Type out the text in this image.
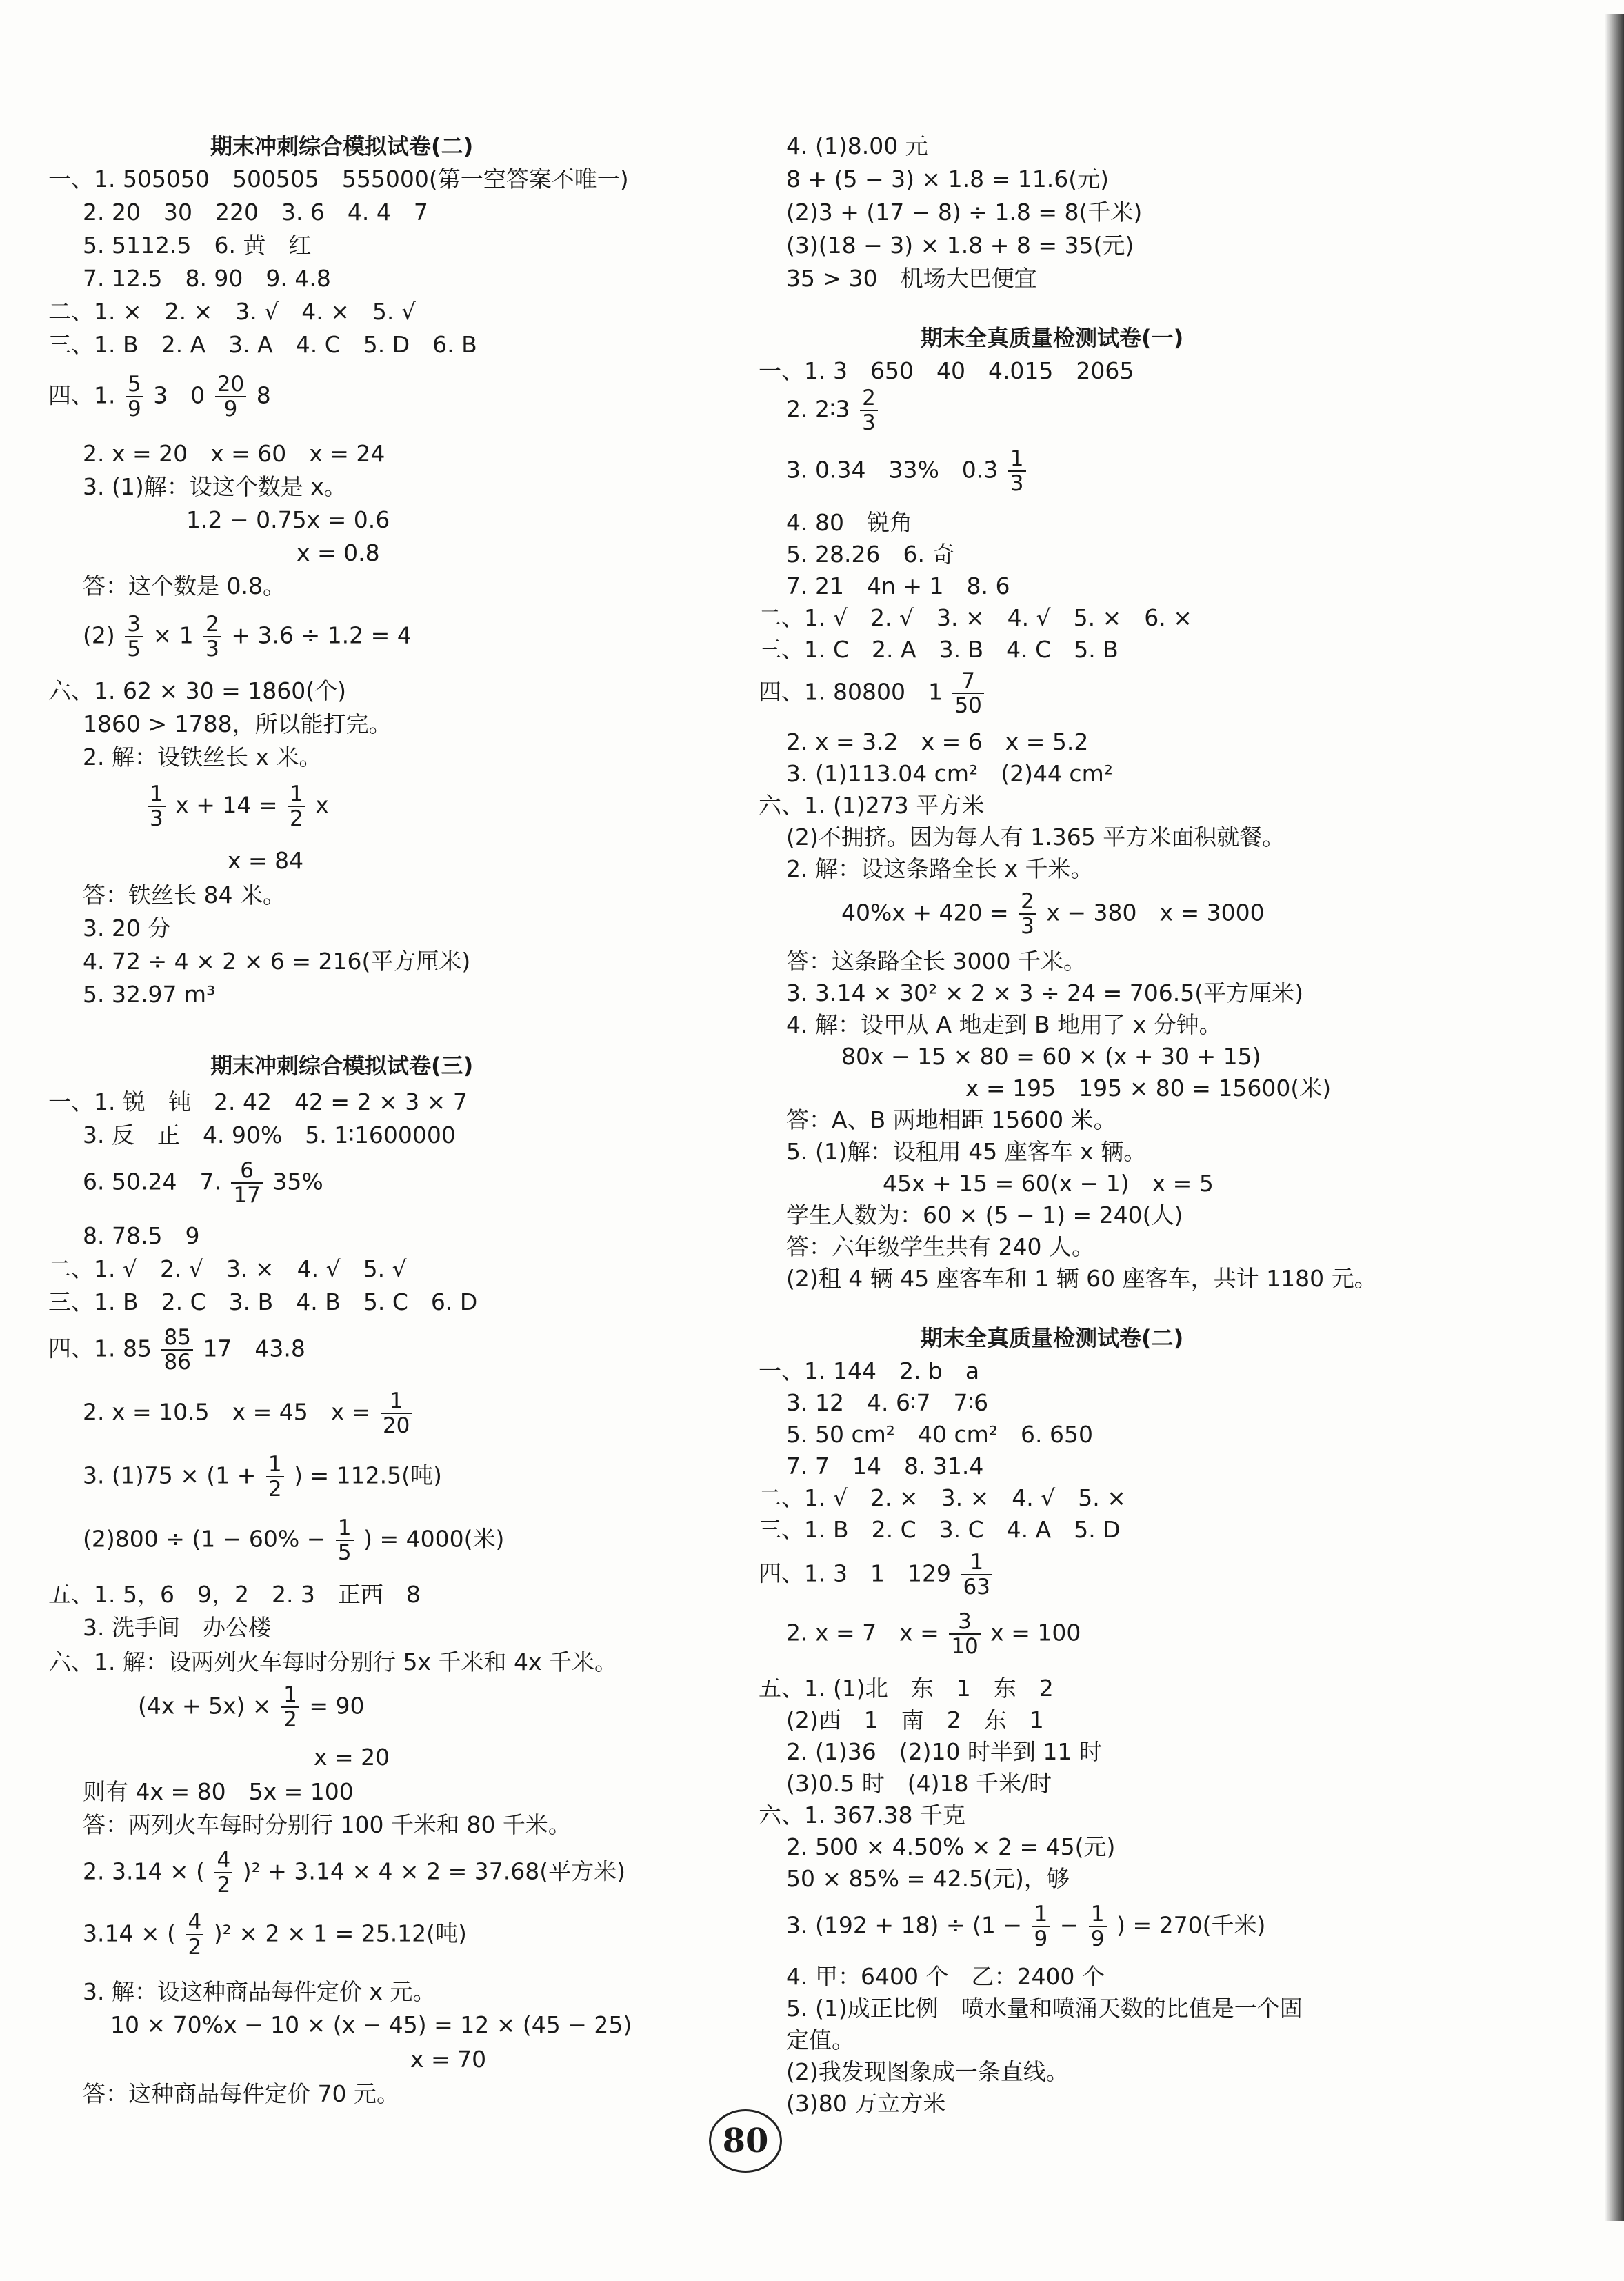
期末冲刺综合模拟试卷(二)
一、1. 505050　500505　555000(第一空答案不唯一)
2. 20　30　220　3. 6　4. 4　7
5. 5112.5　6. 黄　红
7. 12.5　8. 90　9. 4.8
二、1. ×　2. ×　3. √　4. ×　5. √
三、1. B　2. A　3. A　4. C　5. D　6. B
四、1. $\frac{5}{9} 3$　$0 \frac{20}{9} 8$
2. x = 20　x = 60　x = 24
3. (1)解：设这个数是 x。
1.2 − 0.75x = 0.6
x = 0.8
答：这个数是 0.8。
$(2) \frac{3}{5} \times 1 \frac{2}{3} + 3.6 \div 1.2 = 4$
六、1. 62 × 30 = 1860(个)
1860 > 1788，所以能打完。
2. 解：设铁丝长 x 米。
$\frac{1}{3}$ $x + 14 = \frac{1}{2}$ x
x = 84
答：铁丝长 84 米。
3. 20 分
4. 72 ÷ 4 × 2 × 6 = 216(平方厘米)
5. 32.97 m³
期末冲刺综合模拟试卷(三)
一、1. 锐　钝　2. 42　42 = 2 × 3 × 7
3. 反　正　4. 90%　5. 1∶1600000
6. 50.24　7. $\frac{6}{17} 35\%$
8. 78.5　9
二、1. √　2. √　3. ×　4. √　5. √
三、1. B　2. C　3. B　4. B　5. C　6. D
四、1. $85 \frac{85}{86} 17$　43.8
2. x = 10.5　x = 45　$x = \frac{1}{20}$
3. $(1)75 \times (1 + \frac{1}{2}$ ) = 112.5(吨)
$(2)800 \div (1 - 60\% - \frac{1}{5}$ ) = 4000(米)
五、1. 5，6　9，2　2. 3　正西　8
3. 洗手间　办公楼
六、1. 解：设两列火车每时分别行 5x 千米和 4x 千米。
$(4x + 5x) \times \frac{1}{2} = 90$
x = 20
则有 4x = 80　5x = 100
答：两列火车每时分别行 100 千米和 80 千米。
2. 3.14 × ( $\frac{4}{2} )^2 + 3.14 \times 4 \times 2 = 37.68$(平方米)
3.14 × ( $\frac{4}{2} )^2 \times 2 \times 1 = 25.12$(吨)
3. 解：设这种商品每件定价 x 元。
10 × 70%x − 10 × (x − 45) = 12 × (45 − 25)
x = 70
答：这种商品每件定价 70 元。
4. (1)8.00 元
8 + (5 − 3) × 1.8 = 11.6(元)
(2)3 + (17 − 8) ÷ 1.8 = 8(千米)
(3)(18 − 3) × 1.8 + 8 = 35(元)
35 > 30　机场大巴便宜
期末全真质量检测试卷(一)
一、1. 3　650　40　4.015　2065
2. 2∶3 $\frac{2}{3}$
3. 0.34　33%　0.3̇ $\frac{1}{3}$
4. 80　锐角
5. 28.26　6. 奇
7. 21　4n + 1　8. 6
二、1. √　2. √　3. ×　4. √　5. ×　6. ×
三、1. C　2. A　3. B　4. C　5. B
四、1. 80800　$1 \frac{7}{50}$
2. x = 3.2　x = 6　x = 5.2
3. (1)113.04 cm²　(2)44 cm²
六、1. (1)273 平方米
(2)不拥挤。因为每人有 1.365 平方米面积就餐。
2. 解：设这条路全长 x 千米。
$40\%x + 420 = \frac{2}{3}$ x − 380　x = 3000
答：这条路全长 3000 千米。
3. 3.14 × 30² × 2 × 3 ÷ 24 = 706.5(平方厘米)
4. 解：设甲从 A 地走到 B 地用了 x 分钟。
80x − 15 × 80 = 60 × (x + 30 + 15)
x = 195　195 × 80 = 15600(米)
答：A、B 两地相距 15600 米。
5. (1)解：设租用 45 座客车 x 辆。
45x + 15 = 60(x − 1)　x = 5
学生人数为：60 × (5 − 1) = 240(人)
答：六年级学生共有 240 人。
(2)租 4 辆 45 座客车和 1 辆 60 座客车，共计 1180 元。
期末全真质量检测试卷(二)
一、1. 144　2. b　a
3. 12　4. 6∶7　7∶6
5. 50 cm²　40 cm²　6. 650
7. 7　14　8. 31.4
二、1. √　2. ×　3. ×　4. √　5. ×
三、1. B　2. C　3. C　4. A　5. D
四、1. 3　1　$129 \frac{1}{63}$
2. x = 7　$x = \frac{3}{10}$ x = 100
五、1. (1)北　东　1　东　2
(2)西　1　南　2　东　1
2. (1)36　(2)10 时半到 11 时
(3)0.5 时　(4)18 千米/时
六、1. 367.38 千克
2. 500 × 4.50% × 2 = 45(元)
50 × 85% = 42.5(元)，够
3. $(192 + 18) \div (1 - \frac{1}{9} - \frac{1}{9}$ ) = 270(千米)
4. 甲：6400 个　乙：2400 个
5. (1)成正比例　喷水量和喷涌天数的比值是一个固
定值。
(2)我发现图象成一条直线。
(3)80 万立方米
80
